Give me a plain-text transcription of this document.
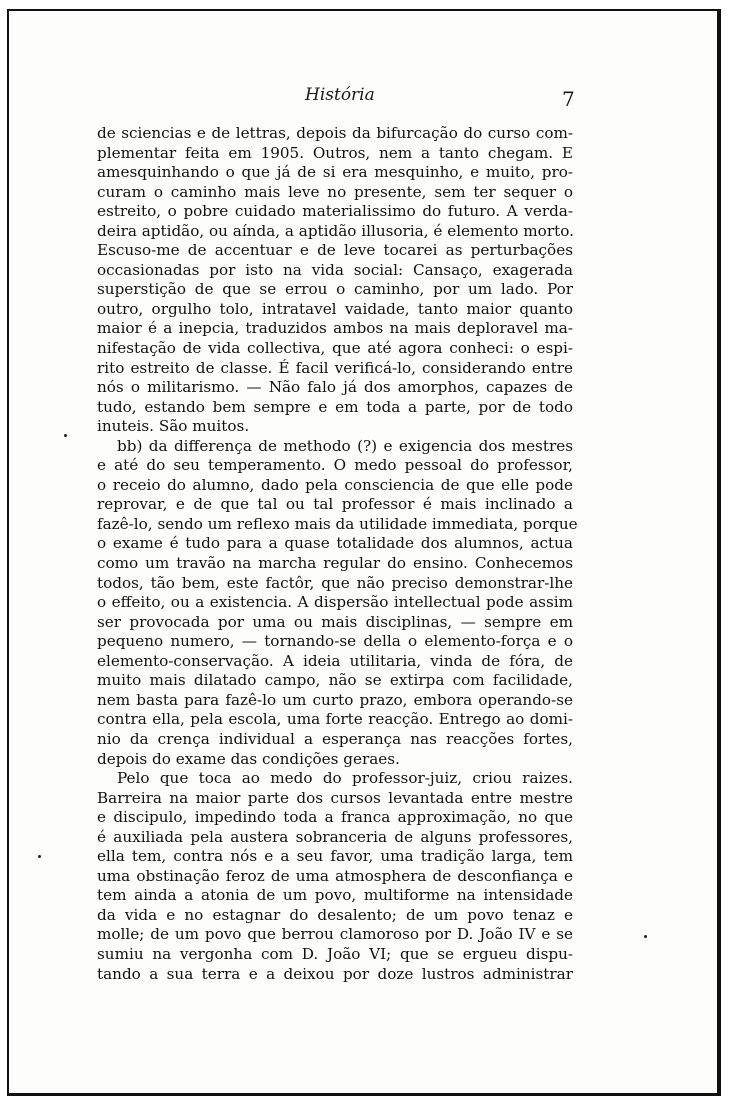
História	7
de sciencias e de lettras, depois da bifurcação do curso com-
plementar feita em 1905. Outros, nem a tanto chegam. E
amesquinhando o que já de si era mesquinho, e muito, pro-
curam o caminho mais leve no presente, sem ter sequer o
estreito, o pobre cuidado materialissimo do futuro. A verda-
deira aptidão, ou aínda, a aptidão illusoria, é elemento morto.
Escuso-me de accentuar e de leve tocarei as perturbações
occasionadas por isto na vida social: Cansaço, exagerada
superstição de que se errou o caminho, por um lado. Por
outro, orgulho tolo, intratavel vaidade, tanto maior quanto
maior é a inepcia, traduzidos ambos na mais deploravel ma-
nifestação de vida collectiva, que até agora conheci: o espi-
rito estreito de classe. É facil verificá-lo, considerando entre
nós o militarismo. — Não falo já dos amorphos, capazes de
tudo, estando bem sempre e em toda a parte, por de todo
inuteis. São muitos.
bb) da differença de methodo (?) e exigencia dos mestres
e até do seu temperamento. O medo pessoal do professor,
o receio do alumno, dado pela consciencia de que elle pode
reprovar, e de que tal ou tal professor é mais inclinado a
fazê-lo, sendo um reflexo mais da utilidade immediata, porque
o exame é tudo para a quase totalidade dos alumnos, actua
como um travão na marcha regular do ensino. Conhecemos
todos, tão bem, este factôr, que não preciso demonstrar-lhe
o effeito, ou a existencia. A dispersão intellectual pode assim
ser provocada por uma ou mais disciplinas, — sempre em
pequeno numero, — tornando-se della o elemento-força e o
elemento-conservação. A ideia utilitaria, vinda de fóra, de
muito mais dilatado campo, não se extirpa com facilidade,
nem basta para fazê-lo um curto prazo, embora operando-se
contra ella, pela escola, uma forte reacção. Entrego ao domi-
nio da crença individual a esperança nas reacções fortes,
depois do exame das condições geraes.
Pelo que toca ao medo do professor-juiz, criou raizes.
Barreira na maior parte dos cursos levantada entre mestre
e discipulo, impedindo toda a franca approximação, no que
é auxiliada pela austera sobranceria de alguns professores,
ella tem, contra nós e a seu favor, uma tradição larga, tem
uma obstinação feroz de uma atmosphera de desconfiança e
tem ainda a atonia de um povo, multiforme na intensidade
da vida e no estagnar do desalento; de um povo tenaz e
molle; de um povo que berrou clamoroso por D. João IV e se
sumiu na vergonha com D. João VI; que se ergueu dispu-
tando a sua terra e a deixou por doze lustros administrar
